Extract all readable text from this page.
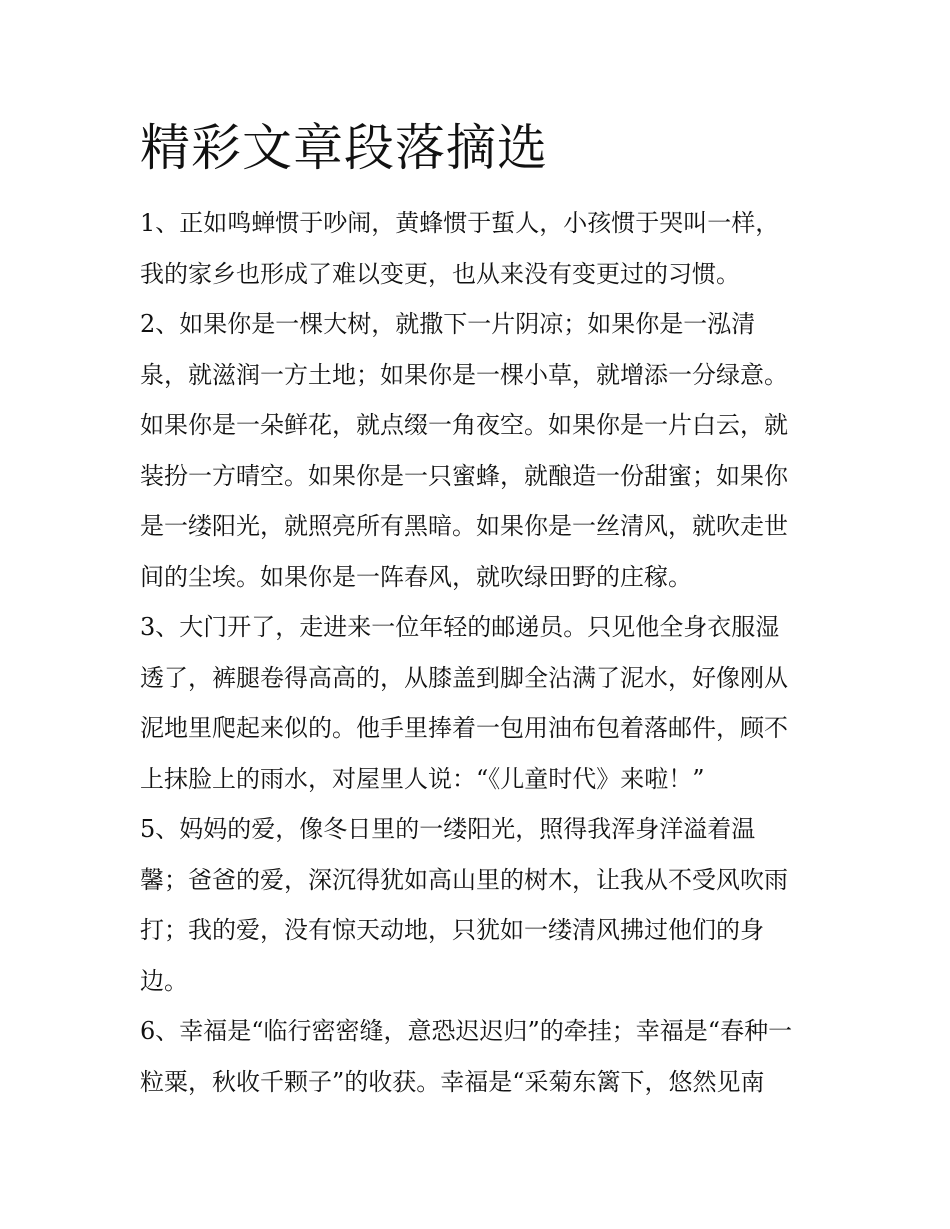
精彩文章段落摘选
1、正如鸣蝉惯于吵闹，黄蜂惯于蜇人，小孩惯于哭叫一样，
我的家乡也形成了难以变更，也从来没有变更过的习惯。
2、如果你是一棵大树，就撒下一片阴凉；如果你是一泓清
泉，就滋润一方土地；如果你是一棵小草，就增添一分绿意。
如果你是一朵鲜花，就点缀一角夜空。如果你是一片白云，就
装扮一方晴空。如果你是一只蜜蜂，就酿造一份甜蜜；如果你
是一缕阳光，就照亮所有黑暗。如果你是一丝清风，就吹走世
间的尘埃。如果你是一阵春风，就吹绿田野的庄稼。
3、大门开了，走进来一位年轻的邮递员。只见他全身衣服湿
透了，裤腿卷得高高的，从膝盖到脚全沾满了泥水，好像刚从
泥地里爬起来似的。他手里捧着一包用油布包着落邮件，顾不
上抹脸上的雨水，对屋里人说：“《儿童时代》来啦！”
5、妈妈的爱，像冬日里的一缕阳光，照得我浑身洋溢着温
馨；爸爸的爱，深沉得犹如高山里的树木，让我从不受风吹雨
打；我的爱，没有惊天动地，只犹如一缕清风拂过他们的身
边。
6、幸福是“临行密密缝，意恐迟迟归”的牵挂；幸福是“春种一
粒粟，秋收千颗子”的收获。幸福是“采菊东篱下，悠然见南
